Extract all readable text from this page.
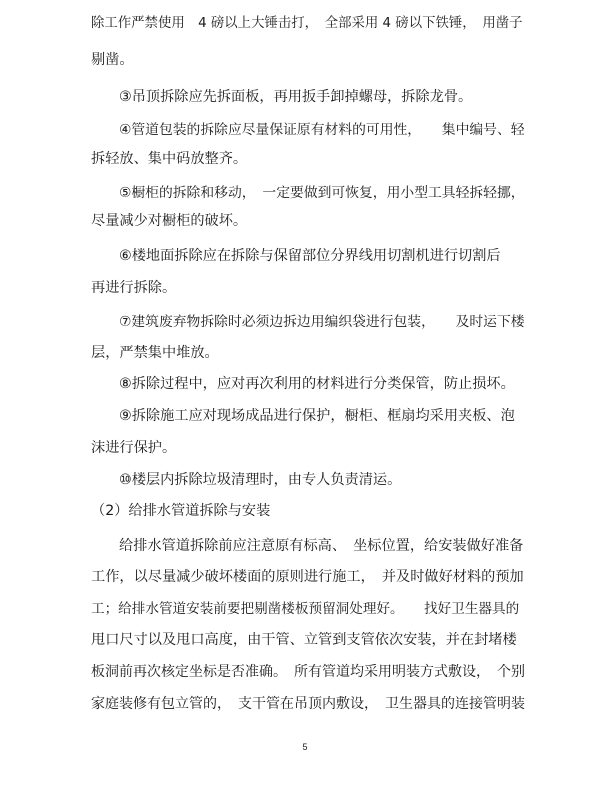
除工作严禁使用　4 磅以上大锤击打，　全部采用 4 磅以下铁锤，　用凿子
剔凿。
③吊顶拆除应先拆面板，再用扳手卸掉螺母，拆除龙骨。
④管道包装的拆除应尽量保证原有材料的可用性，　　集中编号、轻
拆轻放、集中码放整齐。
⑤橱柜的拆除和移动，　一定要做到可恢复，用小型工具轻拆轻挪，
尽量减少对橱柜的破坏。
⑥楼地面拆除应在拆除与保留部位分界线用切割机进行切割后
再进行拆除。
⑦建筑废弃物拆除时必须边拆边用编织袋进行包装，　　及时运下楼
层，严禁集中堆放。
⑧拆除过程中，应对再次利用的材料进行分类保管，防止损坏。
⑨拆除施工应对现场成品进行保护，橱柜、框扇均采用夹板、泡
沫进行保护。
⑩楼层内拆除垃圾清理时，由专人负责清运。
（2）给排水管道拆除与安装
给排水管道拆除前应注意原有标高、　坐标位置，给安装做好准备
工作，以尽量减少破坏楼面的原则进行施工，　并及时做好材料的预加
工；给排水管道安装前要把剔凿楼板预留洞处理好。　　找好卫生器具的
甩口尺寸以及甩口高度，由干管、立管到支管依次安装，并在封堵楼
板洞前再次核定坐标是否准确。　所有管道均采用明装方式敷设，　个别
家庭装修有包立管的，　支干管在吊顶内敷设，　卫生器具的连接管明装
5
